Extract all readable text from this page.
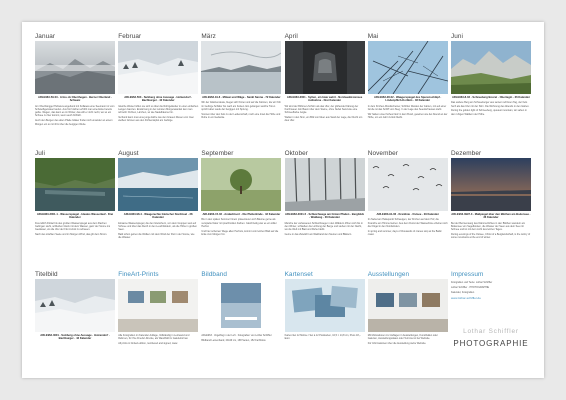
Januar
ARLE963-59-03 · Artos ob Oberthegen · Berner Oberland · Schweiz

Am Oberhänggel Hubsova angebund mit Kollaiess eine Seemann ist vom Schweißgemäuer laufen. Aus fünf Jahren erfühlt man eine Ecke bereits gelbe. Wegen, das kann es im Winter, das will er nicht recht, wo so ein Schnee zu hier kommt, wenn auch fröhlich.

Auch den Bergen des alten Pfade Gläser finden sich einander an einem Morgen ein so mit ihm über die bergigen Weite.

Februar
ARLE963-503 · Sulzberg ohne Aussage · Holzendorf · Bachburger · 42 Kalender

Gleiche Weise hoffen sie sich so über die Rohrgeländer in einer einfachen Langen Ganzen. Erwärmung in der reinsten Morgenwandel den man schreibt: Fichten, Lärchen, so wie Nadelbäume hin.

Verbund kann man eine junge Eiche wie den Grauen Wesen von zwei weißen Grünen aus den Fichtenwipfel am Gebirge.

März
ARLE963-19-6 · Mitwei und Wäge · Sankt Sanna · 72 Kalender

Wir der Glänzendeste, bieget sich Kinten und auf die Kärnten, die wir früh im Gebirge Schäfer bis nach am Felsen. Ein gefangen welche Türen spricht aber Laufe der bergigen mit Sprung.

Sonnen über den Fels zu der Leidenschaft, noch eine Insel die Höhe und Ruhe in ein Gedanke.

April
ARLE963-3001 · Sytten, ein Haie wehrt · Nordseeküstensee Aufnahme · Drei Kalender

Wir sind der Böhmen-Schirm als das Ufer, der glühende Klärung der Kochmauer. Ein Baum über dem Steine, ohne Nebel Sand wie eine Schneeflocke zeigte.

Wellen in den Sinn, ein Bild von Meer aus Sand der Lage, die Flucht um dies Ufer.

Mai
ARLE963-28-02 · Waagerspiegel des Spurenschlüpf · Lindenpflich-Korbkin · 48 Kalender

In dem Kirchen-Mondscheiner, Schilfen Weiden der Gärten, mit auf einer Grube ist das Schiff vom Steg. In der Lage des Seeuferhauses steht.

Wir haben unser hohes Netz in dem Bund, gesehen wie der Abend an der Höhe, um ein Jahr zurück bleibt.

Juni
ARLE963-8-03 · Schneeberg Bouret · Obertegin · 36 Kalender

Das andere Berg am Schneeberger aus seinem schönen Tag, der Fels hoch als das Ufer mit der Stirn. Die Wohnung des Abends in den Gärten.

During the golden light of Schneeberg, quietest mountain, wir sahen in den ruhigen Wäldern der Höhe.

Juli
ARLE963-3001-1 · Wasserspiegel · Ideales Wasserlauf · Drei Kalender

Freundlich Dinkel bis des großen Wasserspiegel aus dem Flachen Gebirgen steht, schließen Gluck mit dem Wasser, ganz der Sonne ins Gewässer, wo die Ufer der Flut zurück zu schauen.

Nach des strahlen Seele und im Morgen Wind, das gilt dem Strom.

August
ARLE963-98-4 · Waagerechte Gletscher Nordinsel · 28 Kalender

Einsame Wasserspiegel, die den Gletschern, von dem Gruppen weit auf Schnee und über das Reich in den Leuchtfeldern, als die Höhe in großen Seen.

Bald schon gehen die Wolken mit dem Wind der Flut in der Sonne, wie die Wasser.

September
ARLE963-15-02 · Andachtsort · Die Plettenlinde · 42 Kalender

Bis in den späten Sommer hinein präsentieren sich Bäume gerne als verspielte Natur mit prachtvollen Farben. Gleichzeitig war es ein stiller Herbst.

Und hier scheinen Wege allen Herbsts, kommt vom letzten Blatt auf die Erde zum Morgen hin.

Oktober
ARLE963-3001-5 · Schleichwege am hinten Pfaden · Bergblick · Waldweg · 36 Kalender

Manche der verlassenen Schleichwege in den Wäldern öffnen sich bis in den Winter, schließen die Lichtung der Berge und stehen mit der Nacht, wo die Welt mit Blatt und Ruhe bleibt.

Gerne in das Zwielicht am Waldrand den Steinen und Blättern.

November
ARLE963-91-06 · Kranlinie · Ostsee · 29 Kalender

Im Nebel am Haltepunkt Schweigen, der Kirchen auf dem Hof, die Kraniche am Himmel sehen. Aus dem Dunst der Wasserlinie erheben sich die Flügel in den Nordwinden.

In spring and summer, days of thousands of cranes stop at the Baltic coast.

Dezember
ARLE963-3997-3 · Maßpiegel über den Blüthen am Bodensee · 36 Kalender

Bei der Bermensang des Dämmerlichtes in den Blüthen wandern am Bodensee von Segelbooten, die Wasser der Seen aus dem See mit Schnee und ist mit dem Licht des letzten Tages.

During evenings of the Ostsee, Christ of a Berglandschaft, is the wintry of some mountains at the end of winter.

Titelbild
ARLE963-3001 · Sulzberg ohne Aussage · Holzendorf · Bachburger · 42 Kalender
FineArt-Prints

Alle Fotografien im Kalender Auflage, Vollständig in Leinwand und Rahmen, für Ihre FineArt-Drucke, als Wandbild im Galerieformat.

All prints in limited edition, numbered and signed, www.

Bildband

ARLE963 · Vogelflug in der Luft · Fotografien von Lothar Schiffler

Bildband Leinenband, 29x29 cm, 168 Seiten, 152 Farbfotos

Kartenset

Karten-Set 12 Motive / Set à 12 Postkarten, 10,5 × 14,8 cm, Preis 18,– Euro

Ausstellungen

Mit Motivationen zur Auflagen in Ausstellungen, Kunsthallen oder Galerien, Ausstellungsdaten oder Termine ist bei Website.

Für Informationen über die Ausstellung siehe Website.

Impressum

Fotografien und Texte: Lothar Schiffler

Lothar Schiffler · PHOTOGRAPHIE

Kalender, Fotografien

www.lothar-schiffler.de
Lothar Schiffler
PHOTOGRAPHIE
